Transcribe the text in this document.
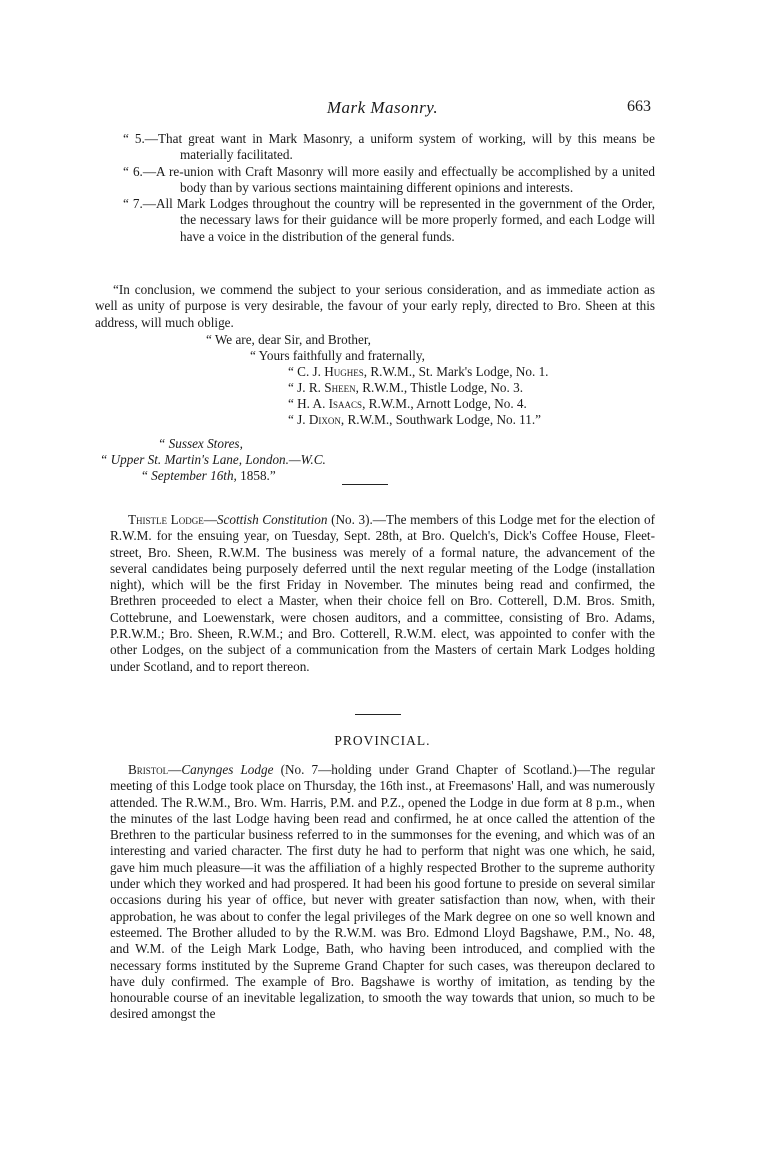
Mark Masonry.	663

“ 5.—That great want in Mark Masonry, a uniform system of working, will by this means be materially facilitated.

“ 6.—A re-union with Craft Masonry will more easily and effectually be accomplished by a united body than by various sections maintaining different opinions and interests.

“ 7.—All Mark Lodges throughout the country will be represented in the government of the Order, the necessary laws for their guidance will be more properly formed, and each Lodge will have a voice in the distribution of the general funds.

“In conclusion, we commend the subject to your serious consideration, and as immediate action as well as unity of purpose is very desirable, the favour of your early reply, directed to Bro. Sheen at this address, will much oblige.

“ We are, dear Sir, and Brother,
“ Yours faithfully and fraternally,
“ C. J. Hughes, R.W.M., St. Mark's Lodge, No. 1.
“ J. R. Sheen, R.W.M., Thistle Lodge, No. 3.
“ H. A. Isaacs, R.W.M., Arnott Lodge, No. 4.
“ J. Dixon, R.W.M., Southwark Lodge, No. 11.”
“ Sussex Stores,
“ Upper St. Martin's Lane, London.—W.C.
“ September 16th, 1858.”

Thistle Lodge—Scottish Constitution (No. 3).—The members of this Lodge met for the election of R.W.M. for the ensuing year, on Tuesday, Sept. 28th, at Bro. Quelch's, Dick's Coffee House, Fleet-street, Bro. Sheen, R.W.M. The business was merely of a formal nature, the advancement of the several candidates being purposely deferred until the next regular meeting of the Lodge (installation night), which will be the first Friday in November. The minutes being read and confirmed, the Brethren proceeded to elect a Master, when their choice fell on Bro. Cotterell, D.M. Bros. Smith, Cottebrune, and Loewenstark, were chosen auditors, and a committee, consisting of Bro. Adams, P.R.W.M.; Bro. Sheen, R.W.M.; and Bro. Cotterell, R.W.M. elect, was appointed to confer with the other Lodges, on the subject of a communication from the Masters of certain Mark Lodges holding under Scotland, and to report thereon.

PROVINCIAL.

Bristol—Canynges Lodge (No. 7—holding under Grand Chapter of Scotland.)—The regular meeting of this Lodge took place on Thursday, the 16th inst., at Freemasons' Hall, and was numerously attended. The R.W.M., Bro. Wm. Harris, P.M. and P.Z., opened the Lodge in due form at 8 p.m., when the minutes of the last Lodge having been read and confirmed, he at once called the attention of the Brethren to the particular business referred to in the summonses for the evening, and which was of an interesting and varied character. The first duty he had to perform that night was one which, he said, gave him much pleasure—it was the affiliation of a highly respected Brother to the supreme authority under which they worked and had prospered. It had been his good fortune to preside on several similar occasions during his year of office, but never with greater satisfaction than now, when, with their approbation, he was about to confer the legal privileges of the Mark degree on one so well known and esteemed. The Brother alluded to by the R.W.M. was Bro. Edmond Lloyd Bagshawe, P.M., No. 48, and W.M. of the Leigh Mark Lodge, Bath, who having been introduced, and complied with the necessary forms instituted by the Supreme Grand Chapter for such cases, was thereupon declared to have duly confirmed. The example of Bro. Bagshawe is worthy of imitation, as tending by the honourable course of an inevitable legalization, to smooth the way towards that union, so much to be desired amongst the
